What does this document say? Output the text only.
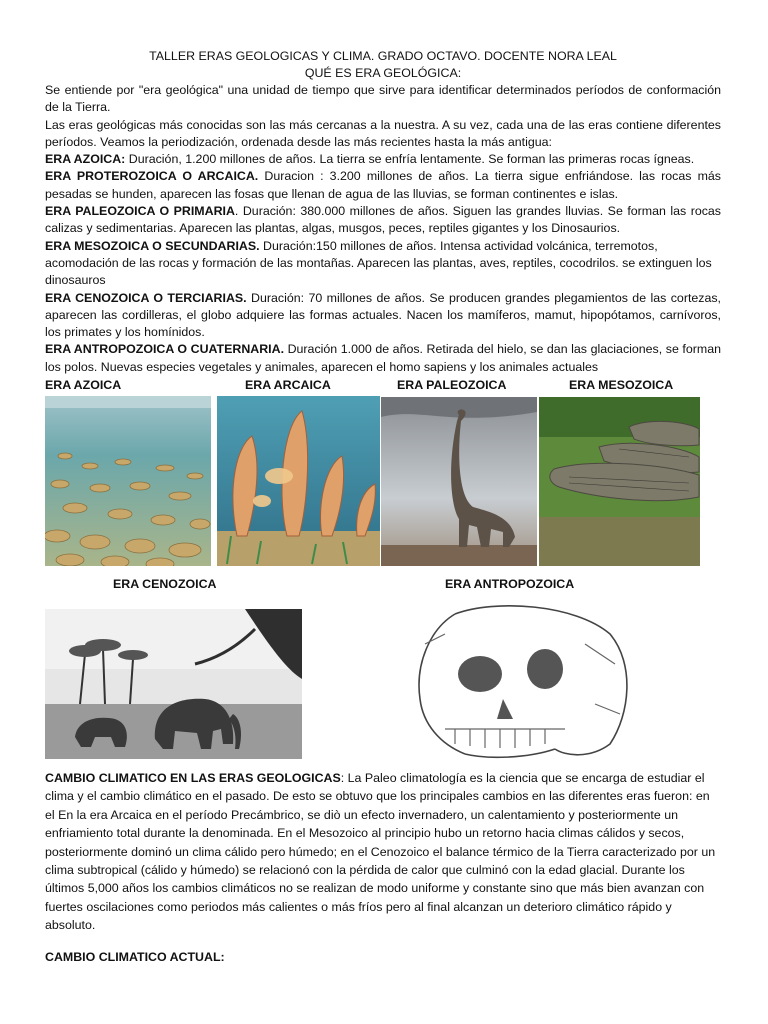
TALLER ERAS GEOLOGICAS Y CLIMA. GRADO OCTAVO. DOCENTE NORA LEAL

QUÉ ES ERA GEOLÓGICA:

Se entiende por "era geológica" una unidad de tiempo que sirve para identificar determinados períodos de conformación de la Tierra.

Las eras geológicas más conocidas son las más cercanas a la nuestra. A su vez, cada una de las eras contiene diferentes períodos. Veamos la periodización, ordenada desde las más recientes hasta la más antigua:

ERA AZOICA: Duración, 1.200 millones de años. La tierra se enfría lentamente. Se forman las primeras rocas ígneas.

ERA PROTEROZOICA O ARCAICA. Duracion : 3.200 millones de años. La tierra sigue enfriándose. las rocas más pesadas se hunden, aparecen las fosas que llenan de agua de las lluvias, se forman continentes e islas.

ERA PALEOZOICA O PRIMARIA. Duración: 380.000 millones de años. Siguen las grandes lluvias. Se forman las rocas calizas y sedimentarias. Aparecen las plantas, algas, musgos, peces, reptiles gigantes y los Dinosaurios.

ERA MESOZOICA O SECUNDARIAS. Duración:150 millones de años. Intensa actividad volcánica, terremotos, acomodación de las rocas y formación de las montañas. Aparecen las plantas, aves, reptiles, cocodrilos. se extinguen los dinosauros

ERA CENOZOICA O TERCIARIAS. Duración: 70 millones de años. Se producen grandes plegamientos de las cortezas, aparecen las cordilleras, el globo adquiere las formas actuales. Nacen los mamíferos, mamut, hipopótamos, carnívoros, los primates y los homínidos.

ERA ANTROPOZOICA O CUATERNARIA. Duración 1.000 de años. Retirada del hielo, se dan las glaciaciones, se forman los polos. Nuevas especies vegetales y animales, aparecen el homo sapiens y los animales actuales

ERA AZOICA	ERA ARCAICA	ERA PALEOZOICA	ERA MESOZOICA
ERA CENOZOICA	ERA ANTROPOZOICA

CAMBIO CLIMATICO EN LAS ERAS GEOLOGICAS: La Paleo climatología es la ciencia que se encarga de estudiar el clima y el cambio climático en el pasado. De esto se obtuvo que los principales cambios en las diferentes eras fueron: en el En la era Arcaica en el período Precámbrico, se diò un efecto invernadero, un calentamiento y posteriormente un enfriamiento total durante la denominada. En el Mesozoico al principio hubo un retorno hacia climas cálidos y secos, posteriormente dominó un clima cálido pero húmedo; en el Cenozoico el balance térmico de la Tierra caracterizado por un clima subtropical (cálido y húmedo) se relacionó con la pérdida de calor que culminó con la edad glacial. Durante los últimos 5,000 años los cambios climáticos no se realizan de modo uniforme y constante sino que más bien avanzan con fuertes oscilaciones como periodos más calientes o más fríos pero al final alcanzan un deterioro climático rápido y absoluto.

CAMBIO CLIMATICO ACTUAL:
